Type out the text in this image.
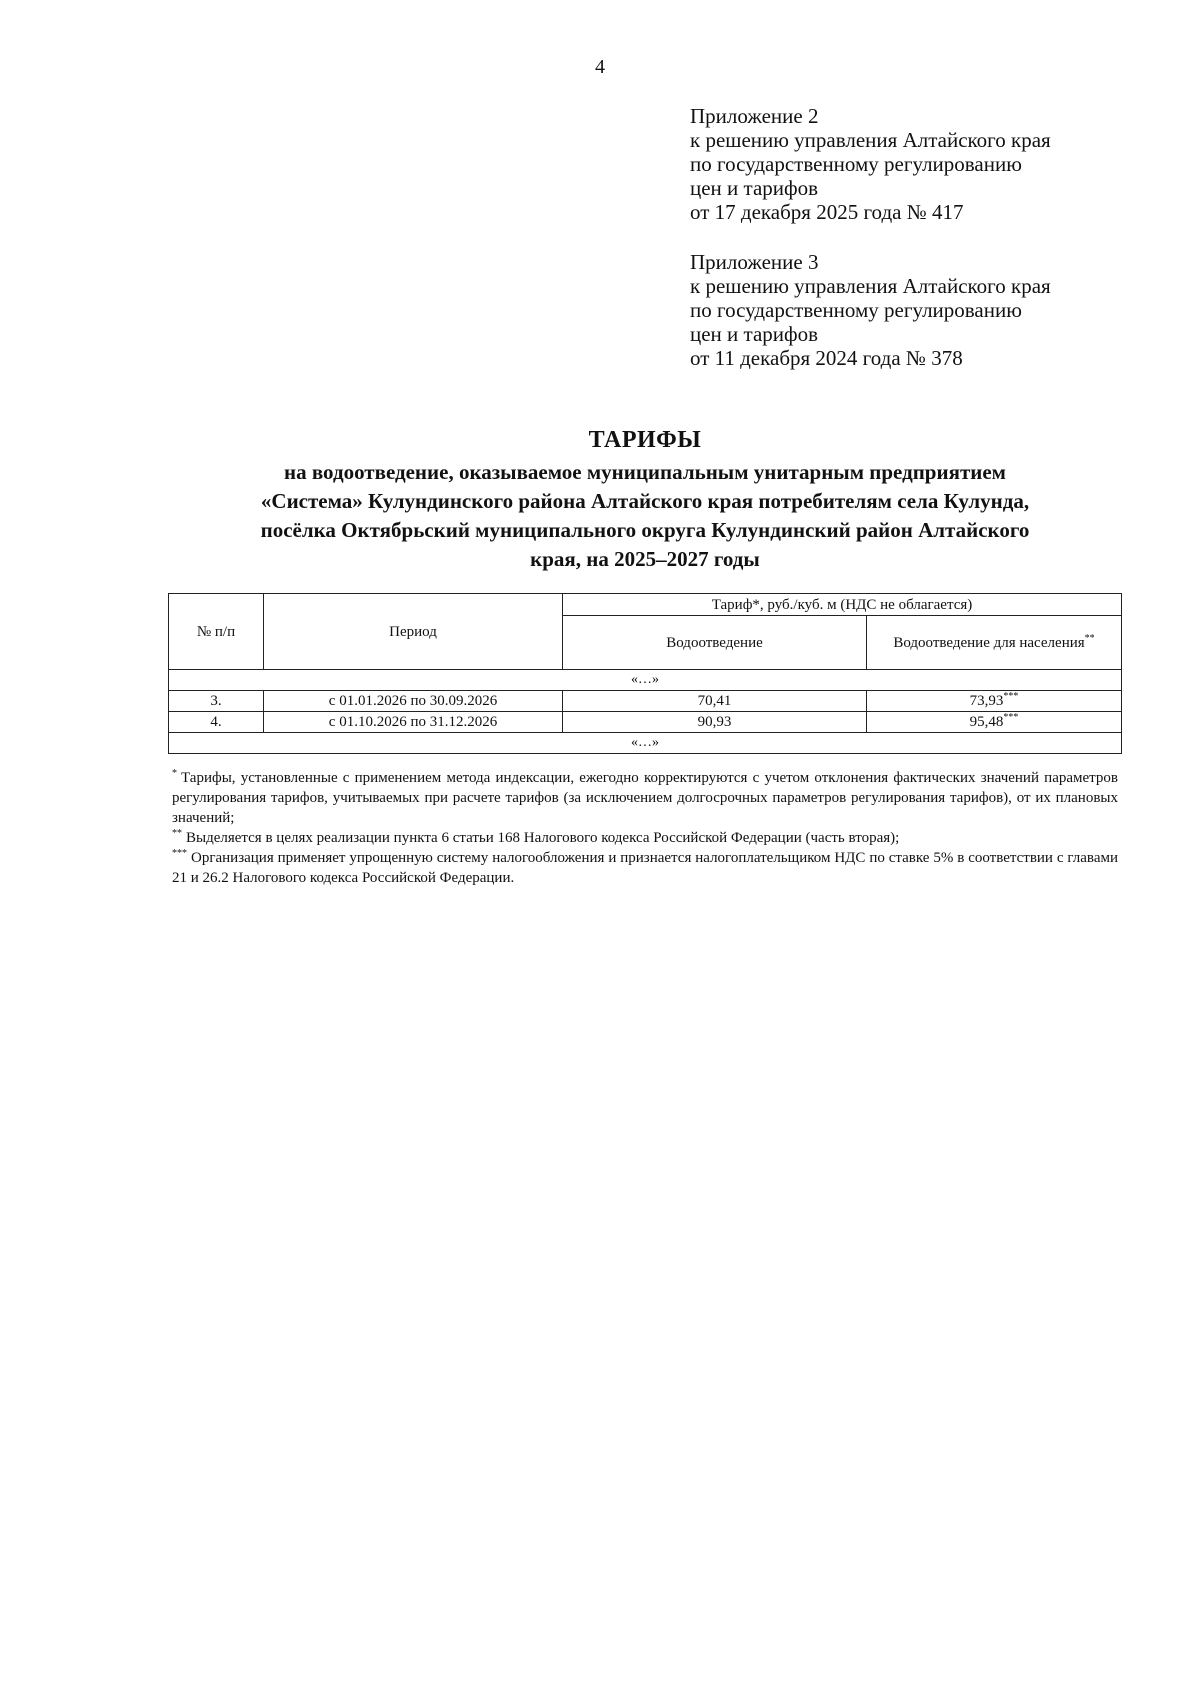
4
Приложение 2
к решению управления Алтайского края
по государственному регулированию
цен и тарифов
от 17 декабря 2025 года № 417
Приложение 3
к решению управления Алтайского края
по государственному регулированию
цен и тарифов
от 11 декабря 2024 года № 378
ТАРИФЫ
на водоотведение, оказываемое муниципальным унитарным предприятием
«Система» Кулундинского района Алтайского края потребителям села Кулунда,
посёлка Октябрьский муниципального округа Кулундинский район Алтайского
края, на 2025–2027 годы
№ п/п	Период	Тариф*, руб./куб. м (НДС не облагается)	
		Водоотведение	Водоотведение для населения**
«…»			
3.	с 01.01.2026 по 30.09.2026	70,41	73,93***
4.	с 01.10.2026 по 31.12.2026	90,93	95,48***
«…»			

* Тарифы, установленные с применением метода индексации, ежегодно корректируются с учетом отклонения фактических значений параметров регулирования тарифов, учитываемых при расчете тарифов (за исключением долгосрочных параметров регулирования тарифов), от их плановых значений;

** Выделяется в целях реализации пункта 6 статьи 168 Налогового кодекса Российской Федерации (часть вторая);

*** Организация применяет упрощенную систему налогообложения и признается налогоплательщиком НДС по ставке 5% в соответствии с главами 21 и 26.2 Налогового кодекса Российской Федерации.
